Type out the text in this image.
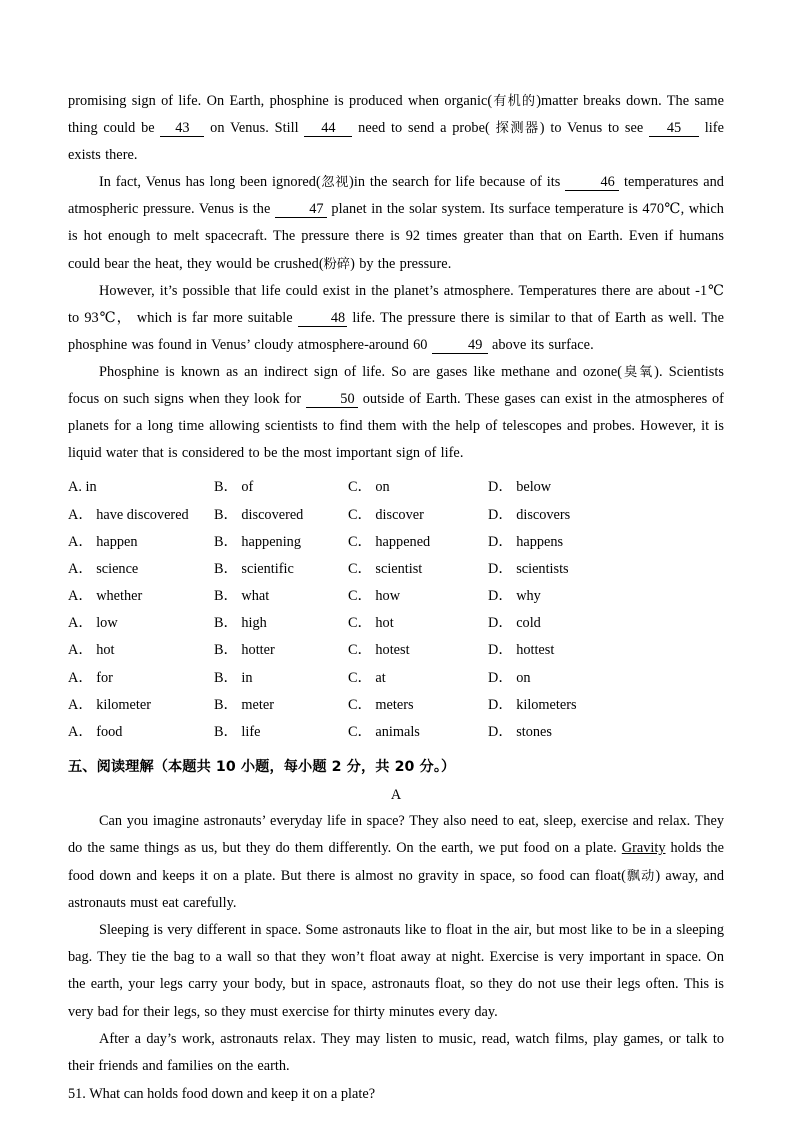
promising sign of life. On Earth, phosphine is produced when organic(有机的)matter breaks down. The same thing could be 43 on Venus. Still 44 need to send a probe( 探测器) to Venus to see 45 life exists there.

In fact, Venus has long been ignored(忽视)in the search for life because of its 46 temperatures and atmospheric pressure. Venus is the 47 planet in the solar system. Its surface temperature is 470℃, which is hot enough to melt spacecraft. The pressure there is 92 times greater than that on Earth. Even if humans could bear the heat, they would be crushed(粉碎) by the pressure.

However, it’s possible that life could exist in the planet’s atmosphere. Temperatures there are about -1℃ to 93℃， which is far more suitable 48 life. The pressure there is similar to that of Earth as well. The phosphine was found in Venus’ cloudy atmosphere-around 60	49 above its surface.

Phosphine is known as an indirect sign of life. So are gases like methane and ozone(臭氧). Scientists focus on such signs when they look for 50 outside of Earth. These gases can exist in the atmospheres of planets for a long time allowing scientists to find them with the help of telescopes and probes. However, it is liquid water that is considered to be the most important sign of life.

A. in	B． of	C． on	D． below
A． have discovered B． discovered	C． discover	D． discovers
A． happen	B． happening	C． happened	D． happens
A． science	B． scientific	C． scientist	D． scientists
A． whether	B． what	C． how	D． why
A． low	B． high	C． hot	D． cold
A． hot	B． hotter	C． hotest	D． hottest
A． for	B． in	C． at	D． on
A． kilometer	B． meter	C． meters	D． kilometers
A． food	B． life	C． animals	D． stones
五、阅读理解（本题共 10 小题，每小题 2 分，共 20 分。）
A

Can you imagine astronauts’ everyday life in space? They also need to eat, sleep, exercise and relax. They do the same things as us, but they do them differently. On the earth, we put food on a plate. Gravity holds the food down and keeps it on a plate. But there is almost no gravity in space, so food can float(飘动) away, and astronauts must eat carefully.

Sleeping is very different in space. Some astronauts like to float in the air, but most like to be in a sleeping bag. They tie the bag to a wall so that they won’t float away at night. Exercise is very important in space. On the earth, your legs carry your body, but in space, astronauts float, so they do not use their legs often. This is very bad for their legs, so they must exercise for thirty minutes every day.

After a day’s work, astronauts relax. They may listen to music, read, watch films, play games, or talk to their friends and families on the earth.

51. What can holds food down and keep it on a plate?
